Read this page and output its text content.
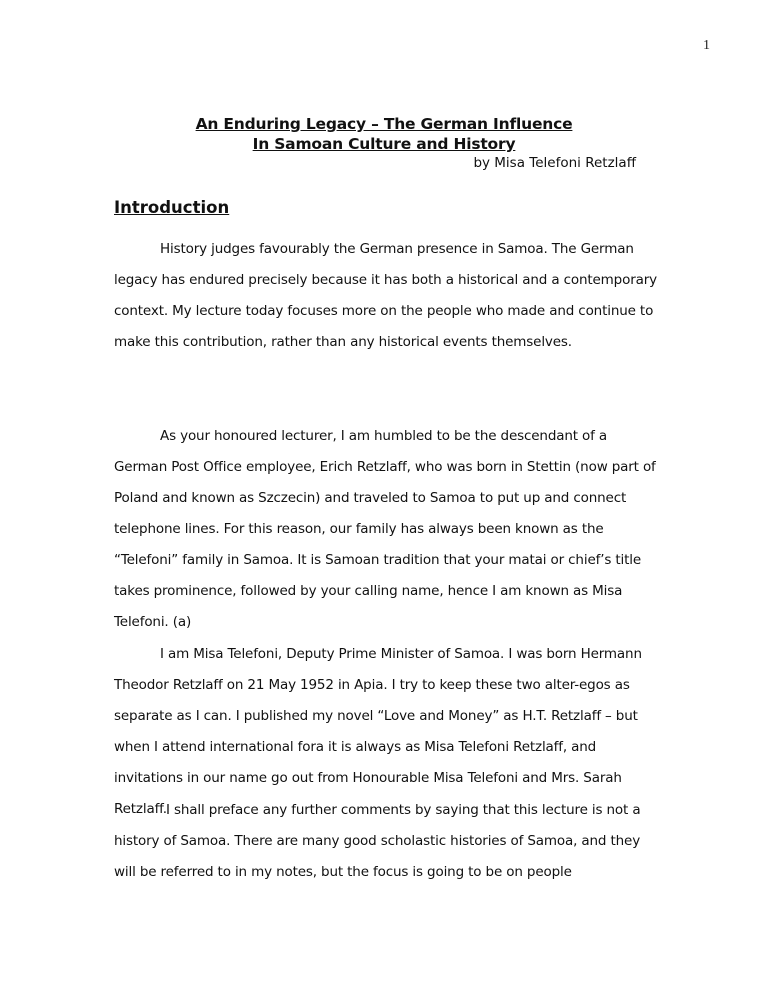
1
An Enduring Legacy – The German Influence
In Samoan Culture and History
by Misa Telefoni Retzlaff
Introduction

History judges favourably the German presence in Samoa. The German legacy has endured precisely because it has both a historical and a contemporary context. My lecture today focuses more on the people who made and continue to make this contribution, rather than any historical events themselves.

As your honoured lecturer, I am humbled to be the descendant of a German Post Office employee, Erich Retzlaff, who was born in Stettin (now part of Poland and known as Szczecin) and traveled to Samoa to put up and connect telephone lines. For this reason, our family has always been known as the “Telefoni” family in Samoa. It is Samoan tradition that your matai or chief’s title takes prominence, followed by your calling name, hence I am known as Misa Telefoni. (a)

I am Misa Telefoni, Deputy Prime Minister of Samoa. I was born Hermann Theodor Retzlaff on 21 May 1952 in Apia. I try to keep these two alter-egos as separate as I can. I published my novel “Love and Money” as H.T. Retzlaff – but when I attend international fora it is always as Misa Telefoni Retzlaff, and invitations in our name go out from Honourable Misa Telefoni and Mrs. Sarah Retzlaff. I shall preface any further comments by saying that this lecture is not a history of Samoa. There are many good scholastic histories of Samoa, and they will be referred to in my notes, but the focus is going to be on people
